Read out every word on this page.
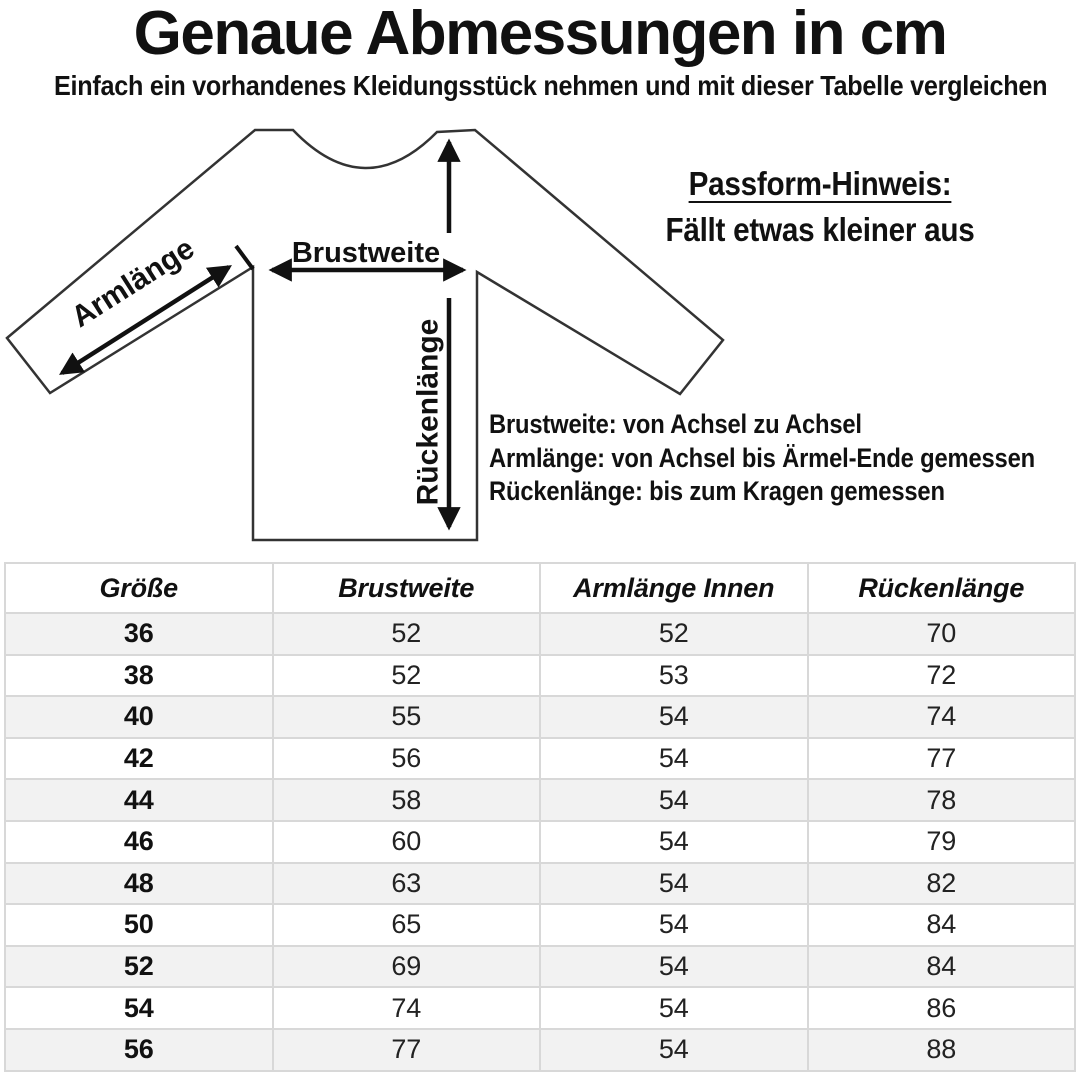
Genaue Abmessungen in cm

Einfach ein vorhandenes Kleidungsstück nehmen und mit dieser Tabelle vergleichen

Brustweite
Armlänge
Rückenlänge
Passform-Hinweis:
Fällt etwas kleiner aus
Brustweite: von Achsel zu Achsel
Armlänge: von Achsel bis Ärmel-Ende gemessen
Rückenlänge: bis zum Kragen gemessen
Größe	Brustweite	Armlänge Innen	Rückenlänge
36	52	52	70
38	52	53	72
40	55	54	74
42	56	54	77
44	58	54	78
46	60	54	79
48	63	54	82
50	65	54	84
52	69	54	84
54	74	54	86
56	77	54	88
